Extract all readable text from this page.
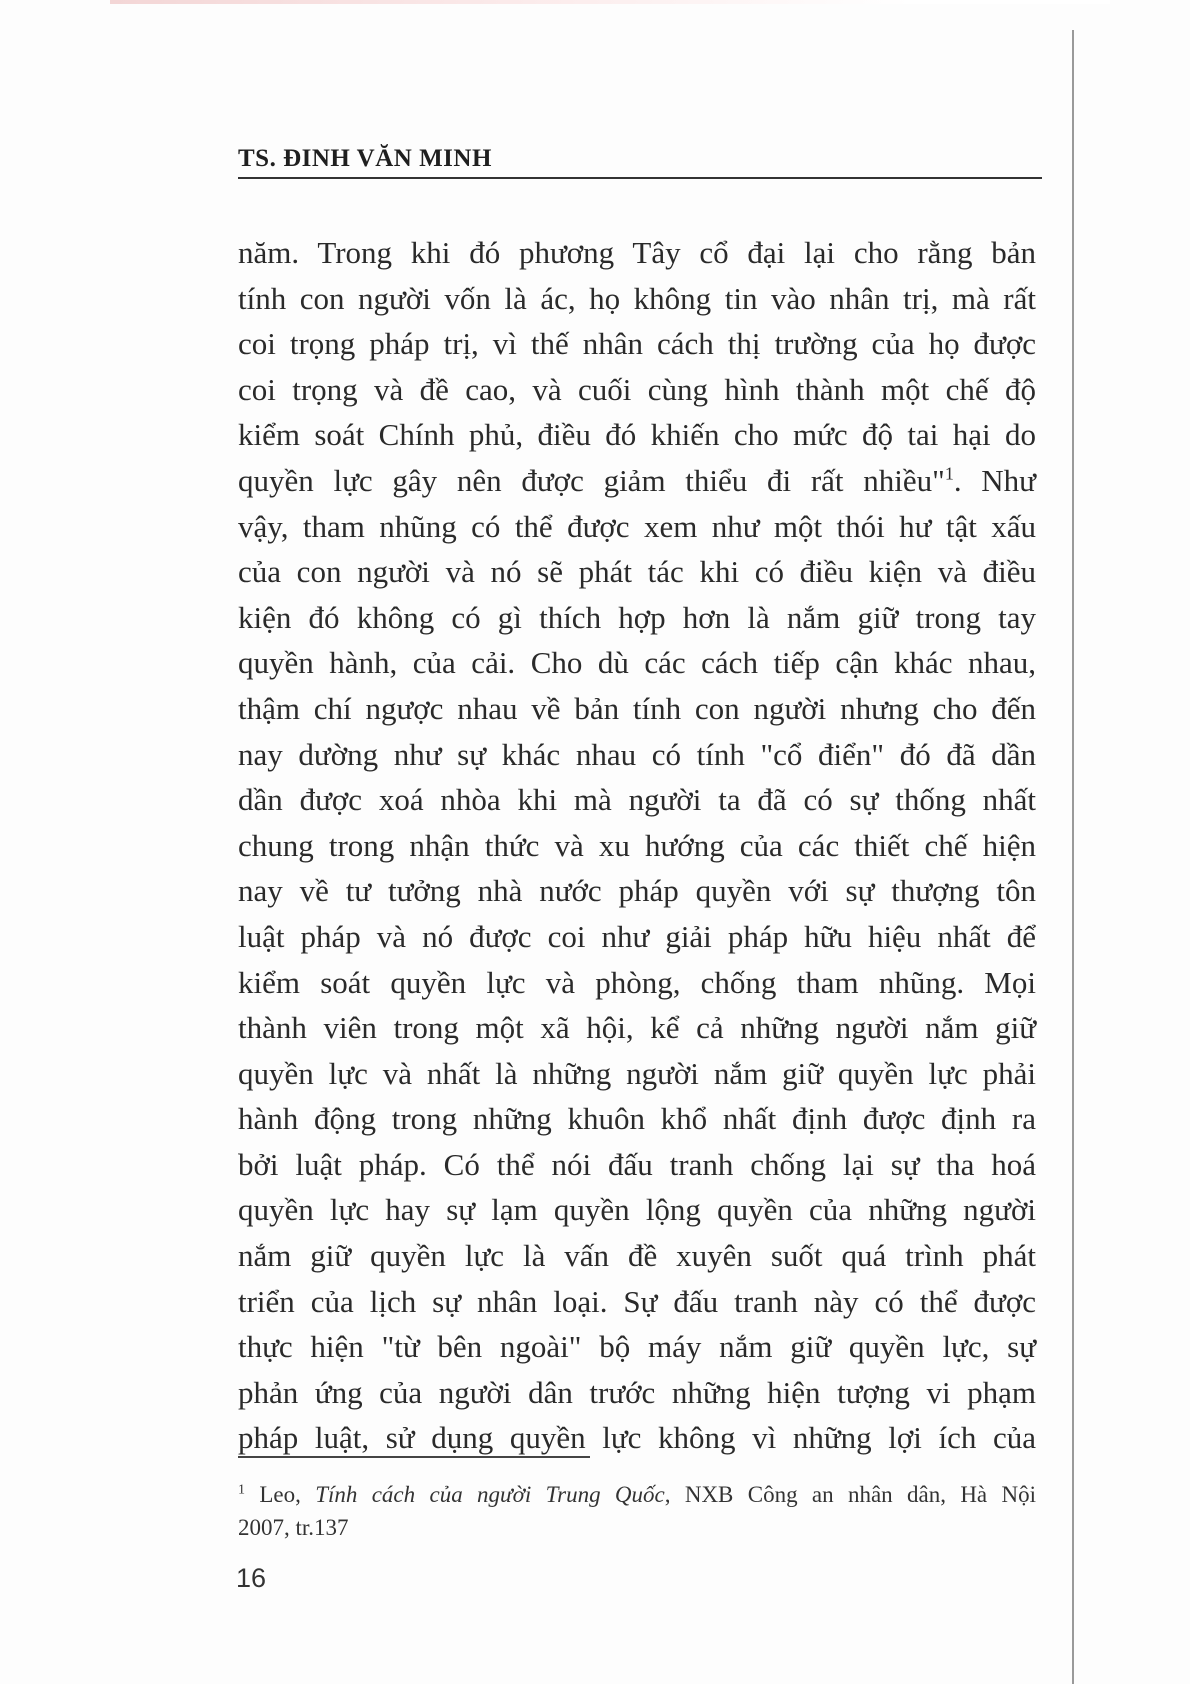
TS. ĐINH VĂN MINH
năm. Trong khi đó phương Tây cổ đại lại cho rằng bản
tính con người vốn là ác, họ không tin vào nhân trị, mà rất
coi trọng pháp trị, vì thế nhân cách thị trường của họ được
coi trọng và đề cao, và cuối cùng hình thành một chế độ
kiểm soát Chính phủ, điều đó khiến cho mức độ tai hại do
quyền lực gây nên được giảm thiểu đi rất nhiều"$^1$. Như
vậy, tham nhũng có thể được xem như một thói hư tật xấu
của con người và nó sẽ phát tác khi có điều kiện và điều
kiện đó không có gì thích hợp hơn là nắm giữ trong tay
quyền hành, của cải. Cho dù các cách tiếp cận khác nhau,
thậm chí ngược nhau về bản tính con người nhưng cho đến
nay dường như sự khác nhau có tính "cổ điển" đó đã dần
dần được xoá nhòa khi mà người ta đã có sự thống nhất
chung trong nhận thức và xu hướng của các thiết chế hiện
nay về tư tưởng nhà nước pháp quyền với sự thượng tôn
luật pháp và nó được coi như giải pháp hữu hiệu nhất để
kiểm soát quyền lực và phòng, chống tham nhũng. Mọi
thành viên trong một xã hội, kể cả những người nắm giữ
quyền lực và nhất là những người nắm giữ quyền lực phải
hành động trong những khuôn khổ nhất định được định ra
bởi luật pháp. Có thể nói đấu tranh chống lại sự tha hoá
quyền lực hay sự lạm quyền lộng quyền của những người
nắm giữ quyền lực là vấn đề xuyên suốt quá trình phát
triển của lịch sự nhân loại. Sự đấu tranh này có thể được
thực hiện "từ bên ngoài" bộ máy nắm giữ quyền lực, sự
phản ứng của người dân trước những hiện tượng vi phạm
pháp luật, sử dụng quyền lực không vì những lợi ích của
$^1$ Leo, Tính cách của người Trung Quốc, NXB Công an nhân dân, Hà Nội
2007, tr.137
16
